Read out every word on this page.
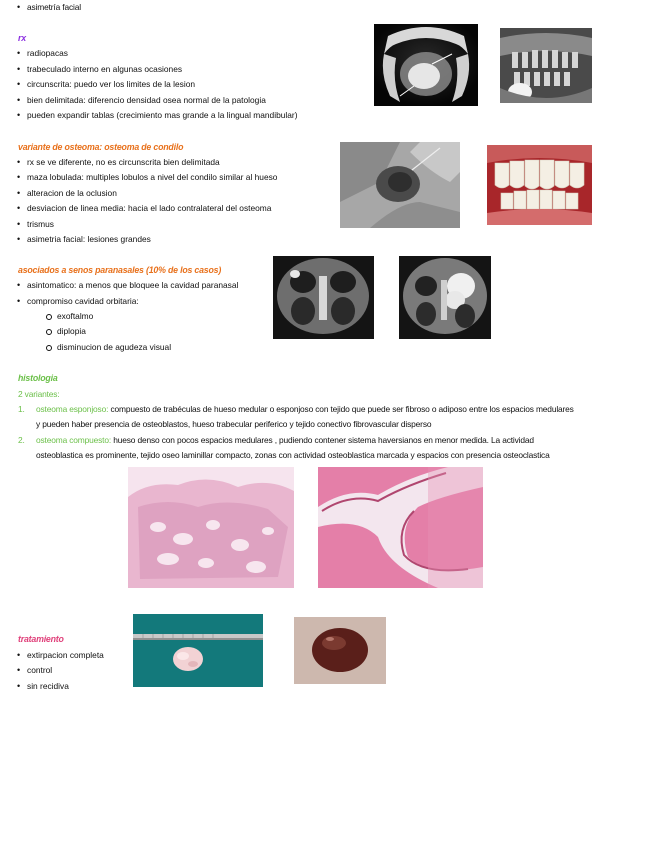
• asimetría facial
rx
• radiopacas
• trabeculado interno en algunas ocasiones
• circunscrita: puedo ver los limites de la lesion
• bien delimitada: diferencio densidad osea normal de la patologia
• pueden expandir tablas (crecimiento mas grande a la lingual mandibular)
variante de osteoma: osteoma de condilo
• rx se ve diferente, no es circunscrita bien delimitada
• maza lobulada: multiples lobulos a nivel del condilo similar al hueso
• alteracion de la oclusion
• desviacion de linea media: hacia el lado contralateral del osteoma
• trismus
• asimetria facial: lesiones grandes
asociados a senos paranasales (10% de los casos)
• asintomatico: a menos que bloquee la cavidad paranasal
• compromiso cavidad orbitaria:
exoftalmo
diplopia
disminucion de agudeza visual
histologia
2 variantes:
1. osteoma esponjoso: compuesto de trabéculas de hueso medular o esponjoso con tejido que puede ser fibroso o adiposo entre los espacios medulares
y pueden haber presencia de osteoblastos, hueso trabecular periferico y tejido conectivo fibrovascular disperso
2. osteoma compuesto: hueso denso con pocos espacios medulares , pudiendo contener sistema haversianos en menor medida. La actividad
osteoblastica es prominente, tejido oseo laminillar compacto, zonas con actividad osteoblastica marcada y espacios con presencia osteoclastica
tratamiento
• extirpacion completa
• control
• sin recidiva
